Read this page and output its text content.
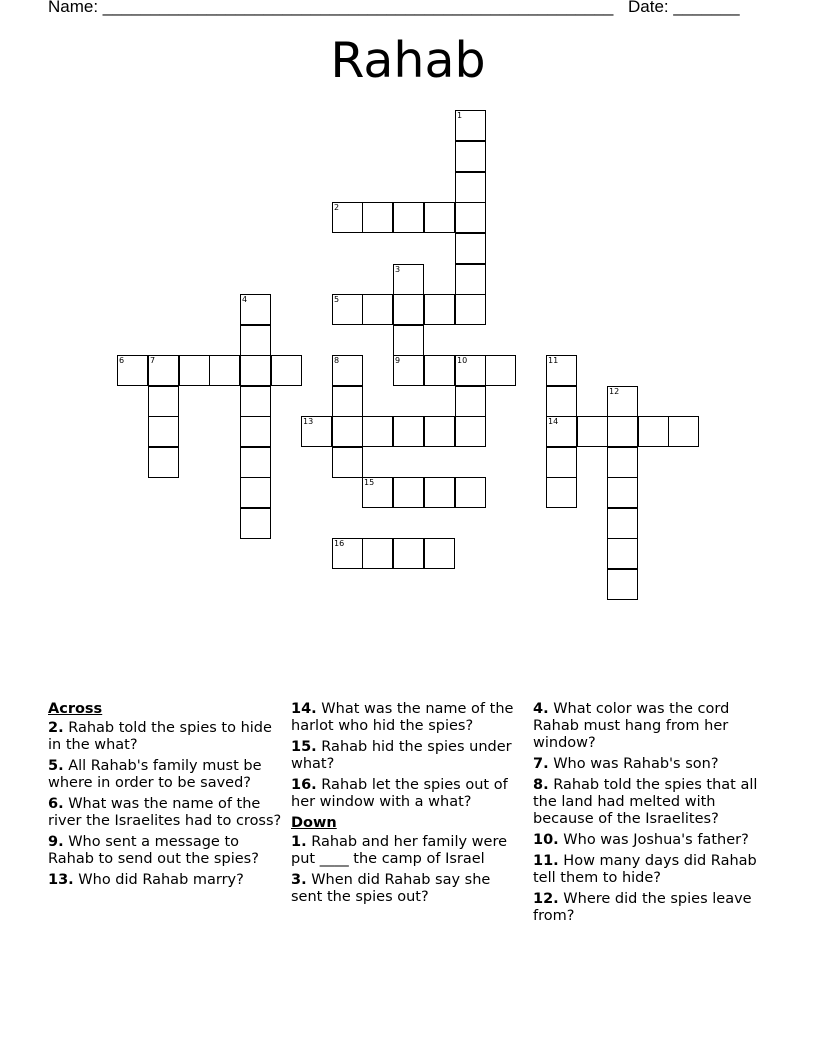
Name: ______________________________________________________ Date: _______
Rahab
1
2
3
4	5
6	7	8	9	10	11
12
13	14
15
16
Across
2. Rahab told the spies to hide in the what?
5. All Rahab's family must be where in order to be saved?
6. What was the name of the river the Israelites had to cross?
9. Who sent a message to Rahab to send out the spies?
13. Who did Rahab marry?
14. What was the name of the harlot who hid the spies?
15. Rahab hid the spies under what?
16. Rahab let the spies out of her window with a what?
Down
1. Rahab and her family were put ____ the camp of Israel
3. When did Rahab say she sent the spies out?
4. What color was the cord Rahab must hang from her window?
7. Who was Rahab's son?
8. Rahab told the spies that all the land had melted with because of the Israelites?
10. Who was Joshua's father?
11. How many days did Rahab tell them to hide?
12. Where did the spies leave from?
